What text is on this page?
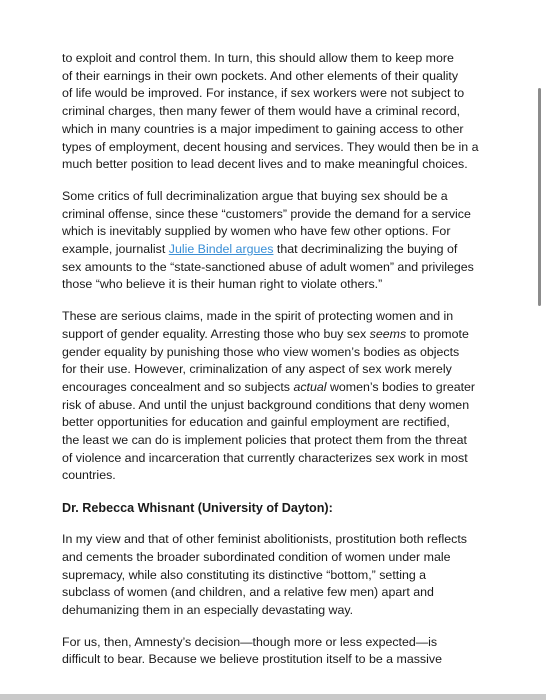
to exploit and control them. In turn, this should allow them to keep more
of their earnings in their own pockets. And other elements of their quality
of life would be improved. For instance, if sex workers were not subject to
criminal charges, then many fewer of them would have a criminal record,
which in many countries is a major impediment to gaining access to other
types of employment, decent housing and services. They would then be in a
much better position to lead decent lives and to make meaningful choices.

Some critics of full decriminalization argue that buying sex should be a
criminal offense, since these “customers” provide the demand for a service
which is inevitably supplied by women who have few other options. For
example, journalist Julie Bindel argues that decriminalizing the buying of
sex amounts to the “state-sanctioned abuse of adult women” and privileges
those “who believe it is their human right to violate others.”

These are serious claims, made in the spirit of protecting women and in
support of gender equality. Arresting those who buy sex seems to promote
gender equality by punishing those who view women’s bodies as objects
for their use. However, criminalization of any aspect of sex work merely
encourages concealment and so subjects actual women’s bodies to greater
risk of abuse. And until the unjust background conditions that deny women
better opportunities for education and gainful employment are rectified,
the least we can do is implement policies that protect them from the threat
of violence and incarceration that currently characterizes sex work in most
countries.

Dr. Rebecca Whisnant (University of Dayton):

In my view and that of other feminist abolitionists, prostitution both reflects
and cements the broader subordinated condition of women under male
supremacy, while also constituting its distinctive “bottom,” setting a
subclass of women (and children, and a relative few men) apart and
dehumanizing them in an especially devastating way.

For us, then, Amnesty’s decision—though more or less expected—is
difficult to bear. Because we believe prostitution itself to be a massive
